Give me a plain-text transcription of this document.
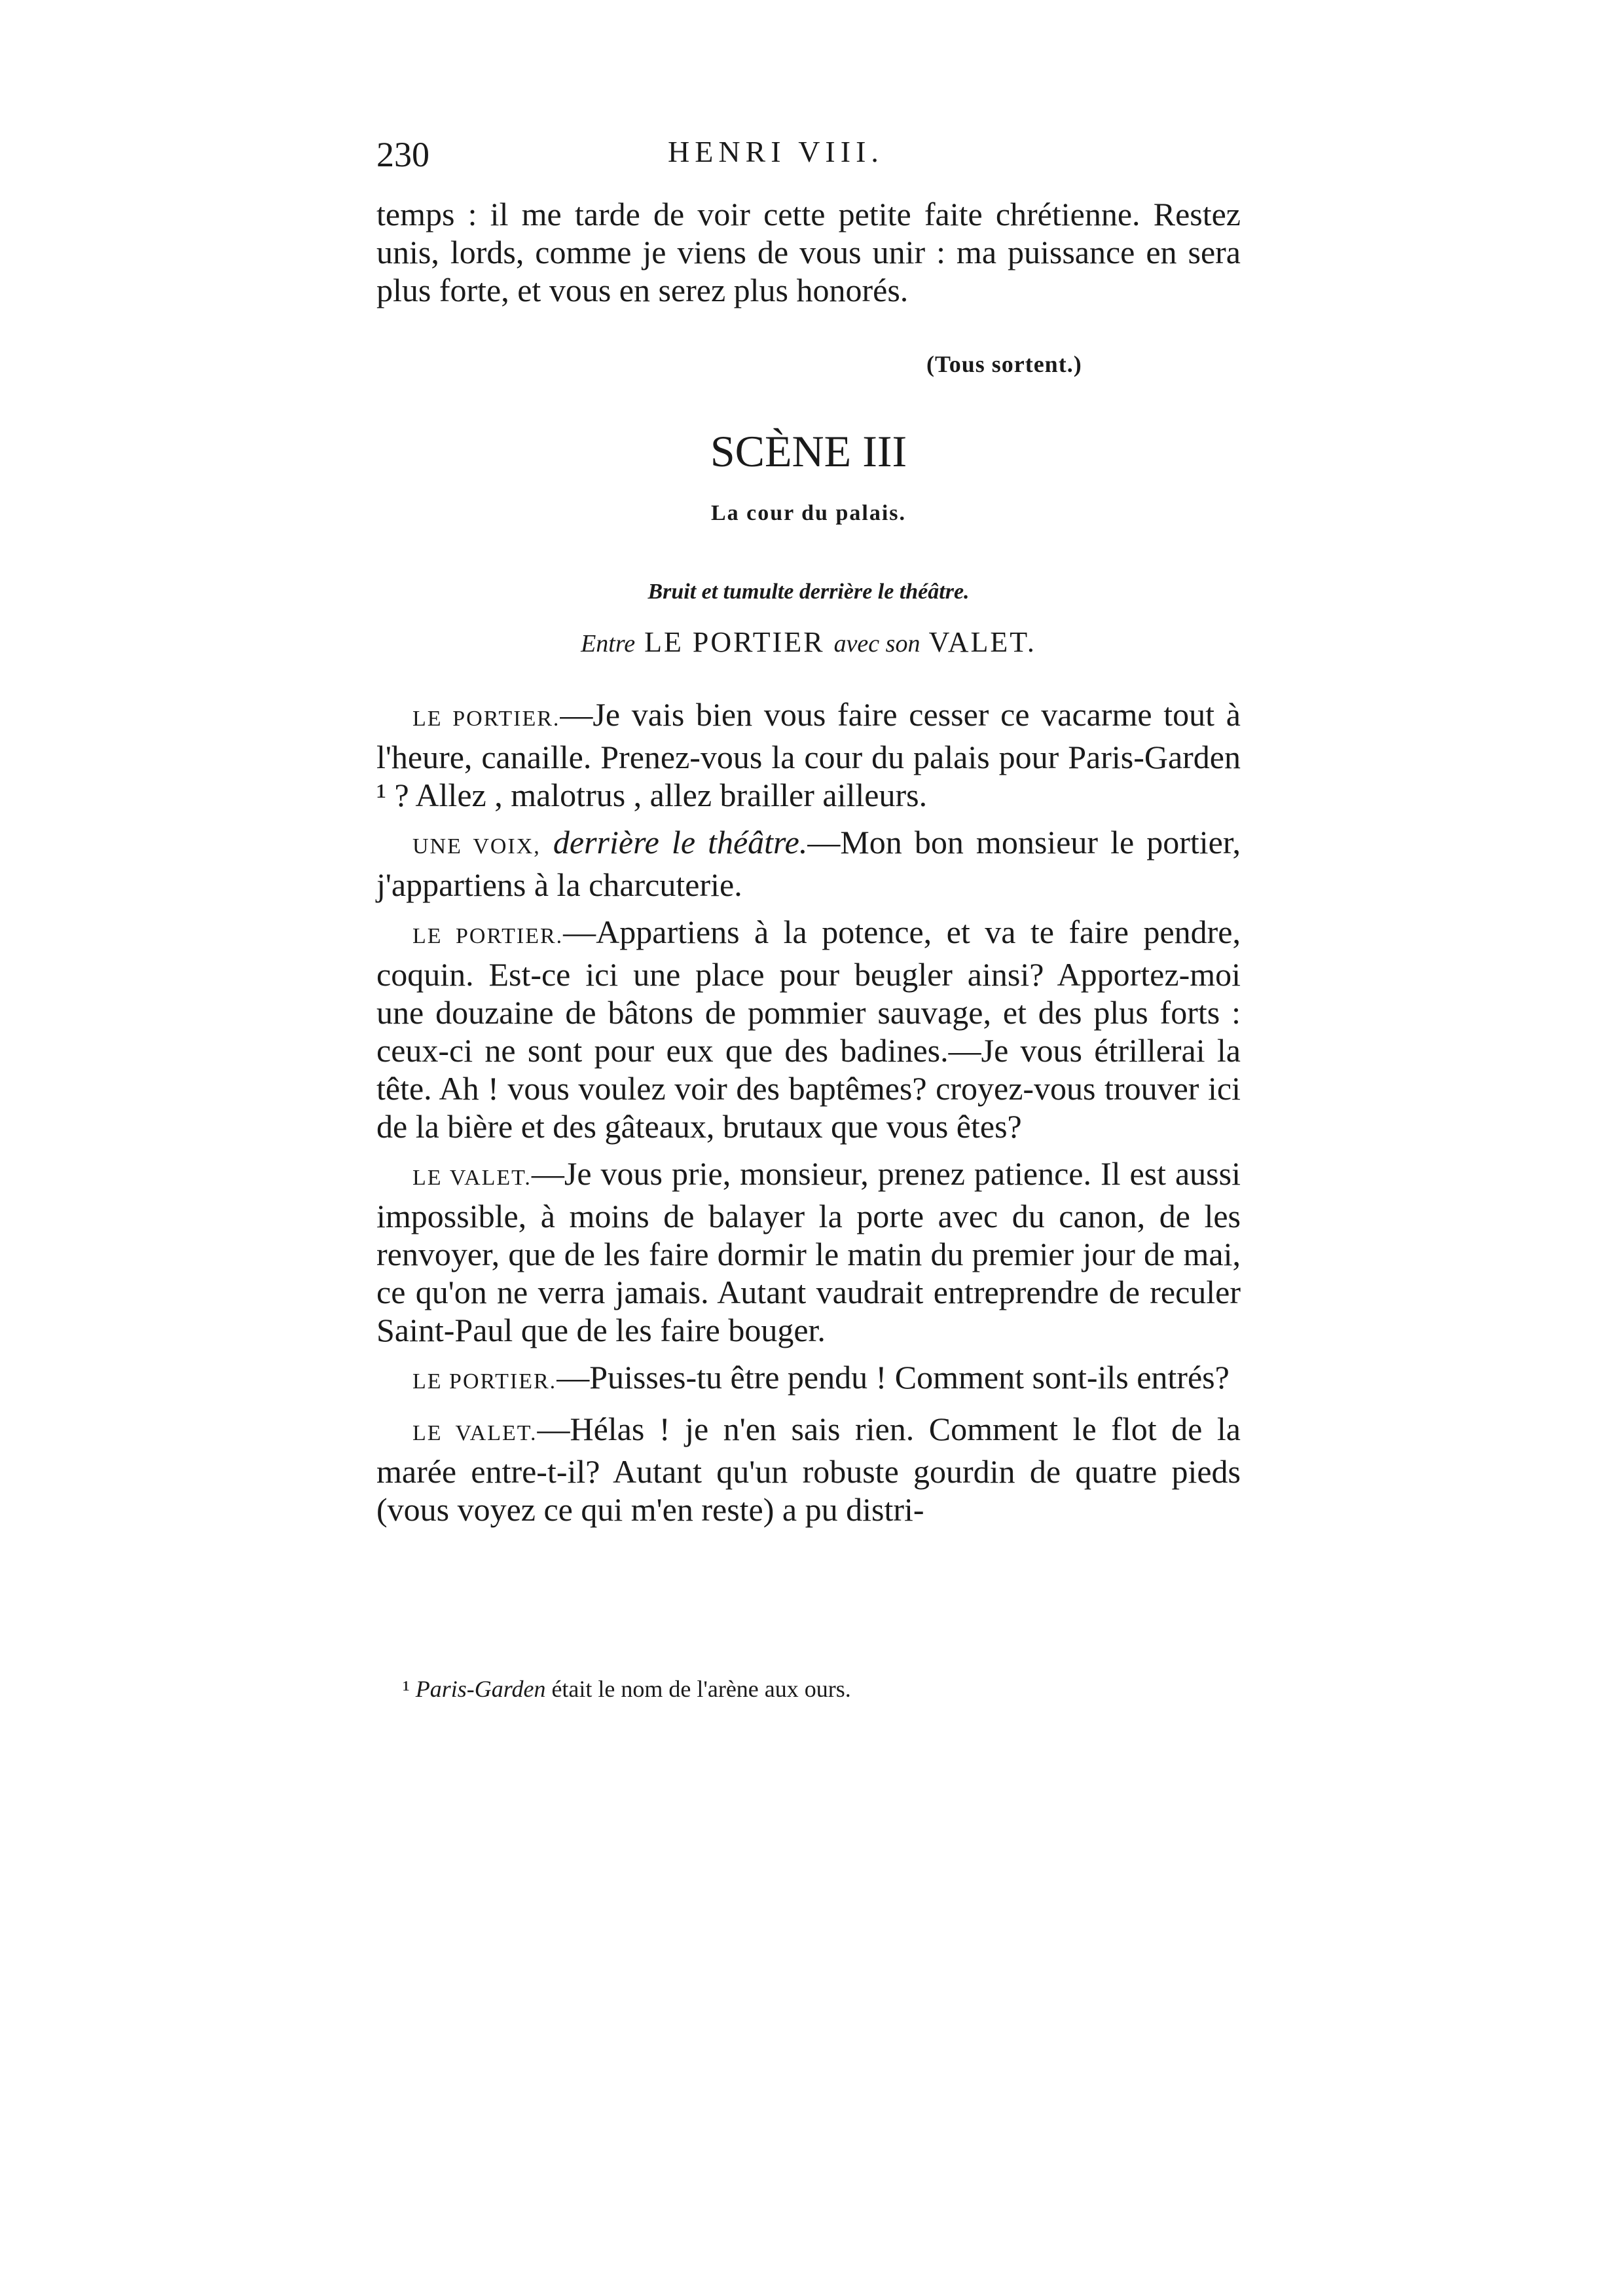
230	HENRI VIII.
temps : il me tarde de voir cette petite faite chrétienne. Restez unis, lords, comme je viens de vous unir : ma puissance en sera plus forte, et vous en serez plus honorés.
(Tous sortent.)
SCÈNE III
La cour du palais.
Bruit et tumulte derrière le théâtre.
Entre LE PORTIER avec son VALET.

LE PORTIER.—Je vais bien vous faire cesser ce vacarme tout à l'heure, canaille. Prenez-vous la cour du palais pour Paris-Garden ¹ ? Allez , malotrus , allez brailler ailleurs.

UNE VOIX, derrière le théâtre.—Mon bon monsieur le portier, j'appartiens à la charcuterie.

LE PORTIER.—Appartiens à la potence, et va te faire pendre, coquin. Est-ce ici une place pour beugler ainsi? Apportez-moi une douzaine de bâtons de pommier sauvage, et des plus forts : ceux-ci ne sont pour eux que des badines.—Je vous étrillerai la tête. Ah ! vous voulez voir des baptêmes? croyez-vous trouver ici de la bière et des gâteaux, brutaux que vous êtes?

LE VALET.—Je vous prie, monsieur, prenez patience. Il est aussi impossible, à moins de balayer la porte avec du canon, de les renvoyer, que de les faire dormir le matin du premier jour de mai, ce qu'on ne verra jamais. Autant vaudrait entreprendre de reculer Saint-Paul que de les faire bouger.

LE PORTIER.—Puisses-tu être pendu ! Comment sont-ils entrés?

LE VALET.—Hélas ! je n'en sais rien. Comment le flot de la marée entre-t-il? Autant qu'un robuste gourdin de quatre pieds (vous voyez ce qui m'en reste) a pu distri-

¹ Paris-Garden était le nom de l'arène aux ours.
